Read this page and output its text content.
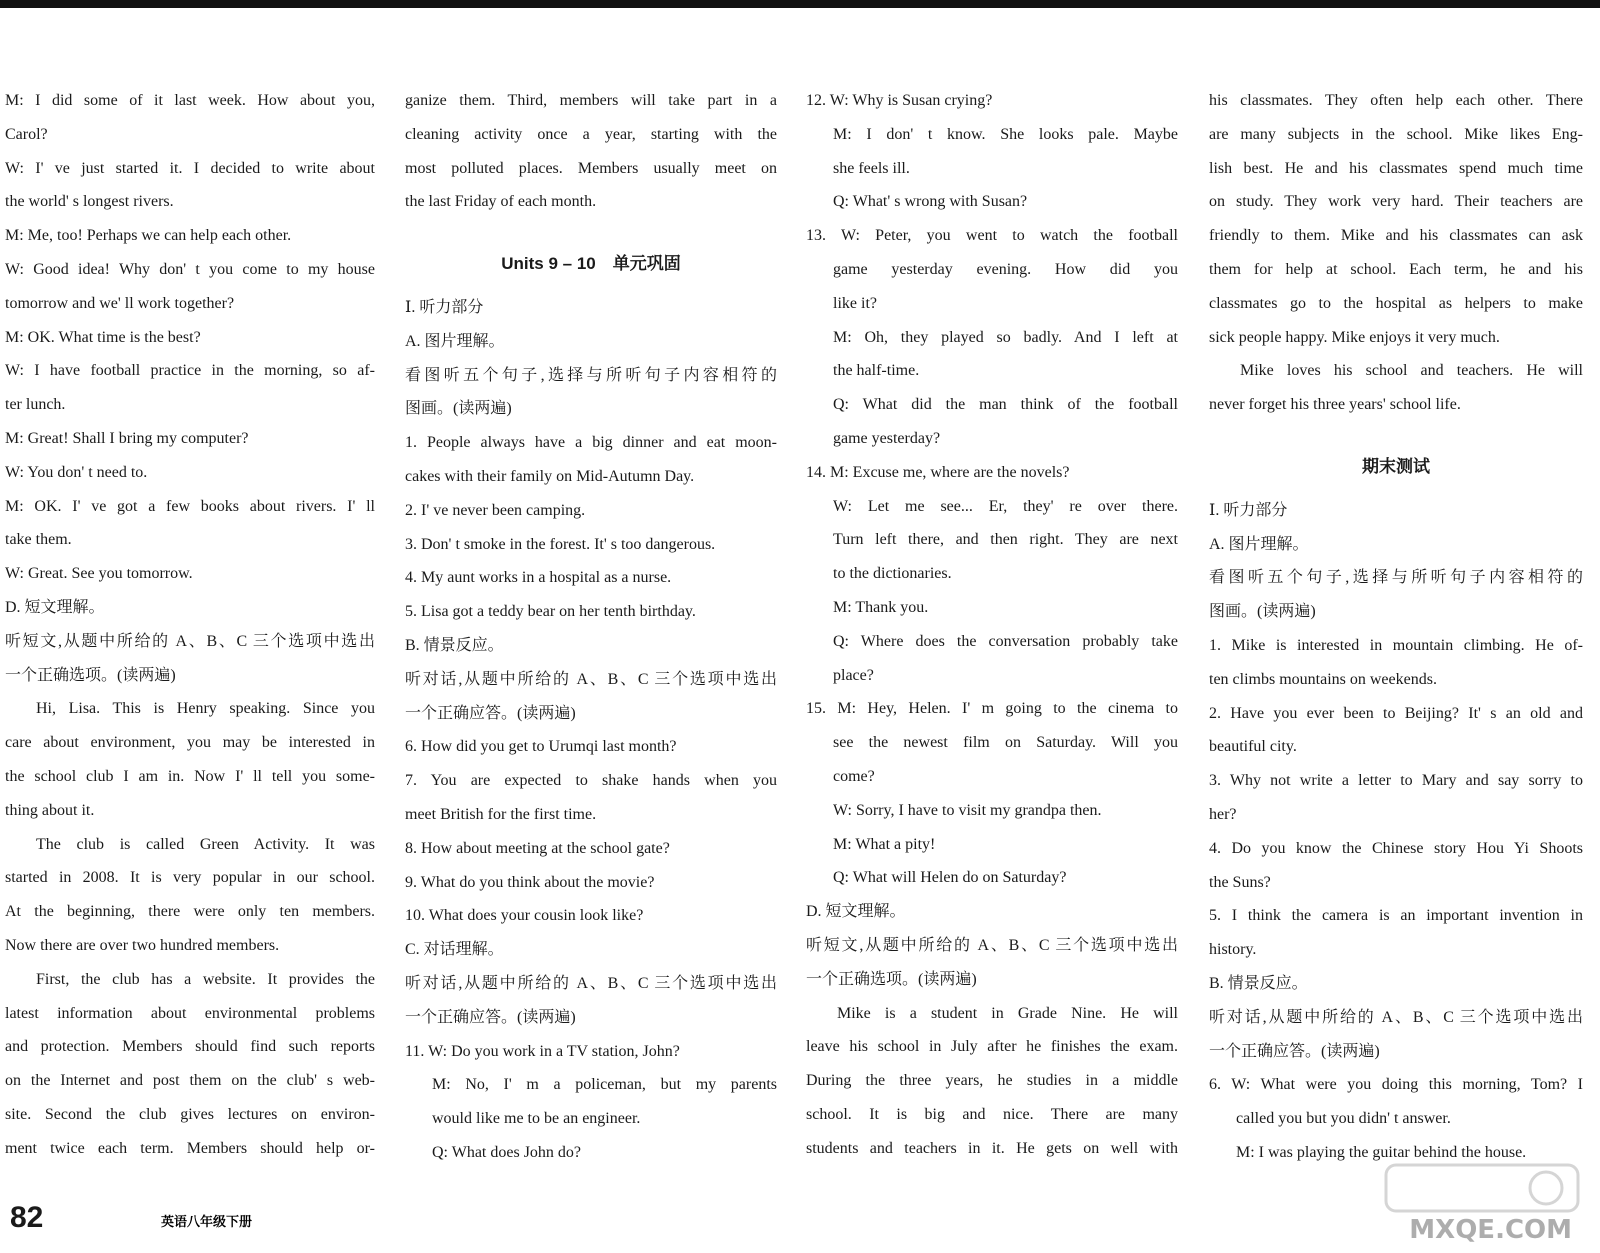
M: I did some of it last week. How about you,
Carol?
W: I' ve just started it. I decided to write about
the world' s longest rivers.
M: Me, too! Perhaps we can help each other.
W: Good idea! Why don' t you come to my house
tomorrow and we' ll work together?
M: OK. What time is the best?
W: I have football practice in the morning, so af-
ter lunch.
M: Great! Shall I bring my computer?
W: You don' t need to.
M: OK. I' ve got a few books about rivers. I' ll
take them.
W: Great. See you tomorrow.
D. 短文理解。
听短文,从题中所给的 A、B、C 三个选项中选出
一个正确选项。(读两遍)
Hi, Lisa. This is Henry speaking. Since you
care about environment, you may be interested in
the school club I am in. Now I' ll tell you some-
thing about it.
The club is called Green Activity. It was
started in 2008. It is very popular in our school.
At the beginning, there were only ten members.
Now there are over two hundred members.
First, the club has a website. It provides the
latest information about environmental problems
and protection. Members should find such reports
on the Internet and post them on the club' s web-
site. Second the club gives lectures on environ-
ment twice each term. Members should help or-
ganize them. Third, members will take part in a
cleaning activity once a year, starting with the
most polluted places. Members usually meet on
the last Friday of each month.
Units 9 – 10　单元巩固
Ⅰ. 听力部分
A. 图片理解。
看图听五个句子,选择与所听句子内容相符的
图画。(读两遍)
1. People always have a big dinner and eat moon-
cakes with their family on Mid-Autumn Day.
2. I' ve never been camping.
3. Don' t smoke in the forest. It' s too dangerous.
4. My aunt works in a hospital as a nurse.
5. Lisa got a teddy bear on her tenth birthday.
B. 情景反应。
听对话,从题中所给的 A、B、C 三个选项中选出
一个正确应答。(读两遍)
6. How did you get to Urumqi last month?
7. You are expected to shake hands when you
meet British for the first time.
8. How about meeting at the school gate?
9. What do you think about the movie?
10. What does your cousin look like?
C. 对话理解。
听对话,从题中所给的 A、B、C 三个选项中选出
一个正确应答。(读两遍)
11. W: Do you work in a TV station, John?
M: No, I' m a policeman, but my parents
would like me to be an engineer.
Q: What does John do?
12. W: Why is Susan crying?
M: I don' t know. She looks pale. Maybe
she feels ill.
Q: What' s wrong with Susan?
13. W: Peter, you went to watch the football
game yesterday evening. How did you
like it?
M: Oh, they played so badly. And I left at
the half-time.
Q: What did the man think of the football
game yesterday?
14. M: Excuse me, where are the novels?
W: Let me see... Er, they' re over there.
Turn left there, and then right. They are next
to the dictionaries.
M: Thank you.
Q: Where does the conversation probably take
place?
15. M: Hey, Helen. I' m going to the cinema to
see the newest film on Saturday. Will you
come?
W: Sorry, I have to visit my grandpa then.
M: What a pity!
Q: What will Helen do on Saturday?
D. 短文理解。
听短文,从题中所给的 A、B、C 三个选项中选出
一个正确选项。(读两遍)
Mike is a student in Grade Nine. He will
leave his school in July after he finishes the exam.
During the three years, he studies in a middle
school. It is big and nice. There are many
students and teachers in it. He gets on well with
his classmates. They often help each other. There
are many subjects in the school. Mike likes Eng-
lish best. He and his classmates spend much time
on study. They work very hard. Their teachers are
friendly to them. Mike and his classmates can ask
them for help at school. Each term, he and his
classmates go to the hospital as helpers to make
sick people happy. Mike enjoys it very much.
Mike loves his school and teachers. He will
never forget his three years' school life.
期末测试
Ⅰ. 听力部分
A. 图片理解。
看图听五个句子,选择与所听句子内容相符的
图画。(读两遍)
1. Mike is interested in mountain climbing. He of-
ten climbs mountains on weekends.
2. Have you ever been to Beijing? It' s an old and
beautiful city.
3. Why not write a letter to Mary and say sorry to
her?
4. Do you know the Chinese story Hou Yi Shoots
the Suns?
5. I think the camera is an important invention in
history.
B. 情景反应。
听对话,从题中所给的 A、B、C 三个选项中选出
一个正确应答。(读两遍)
6. W: What were you doing this morning, Tom? I
called you but you didn' t answer.
M: I was playing the guitar behind the house.
82	英语八年级下册	MXQE.COM
